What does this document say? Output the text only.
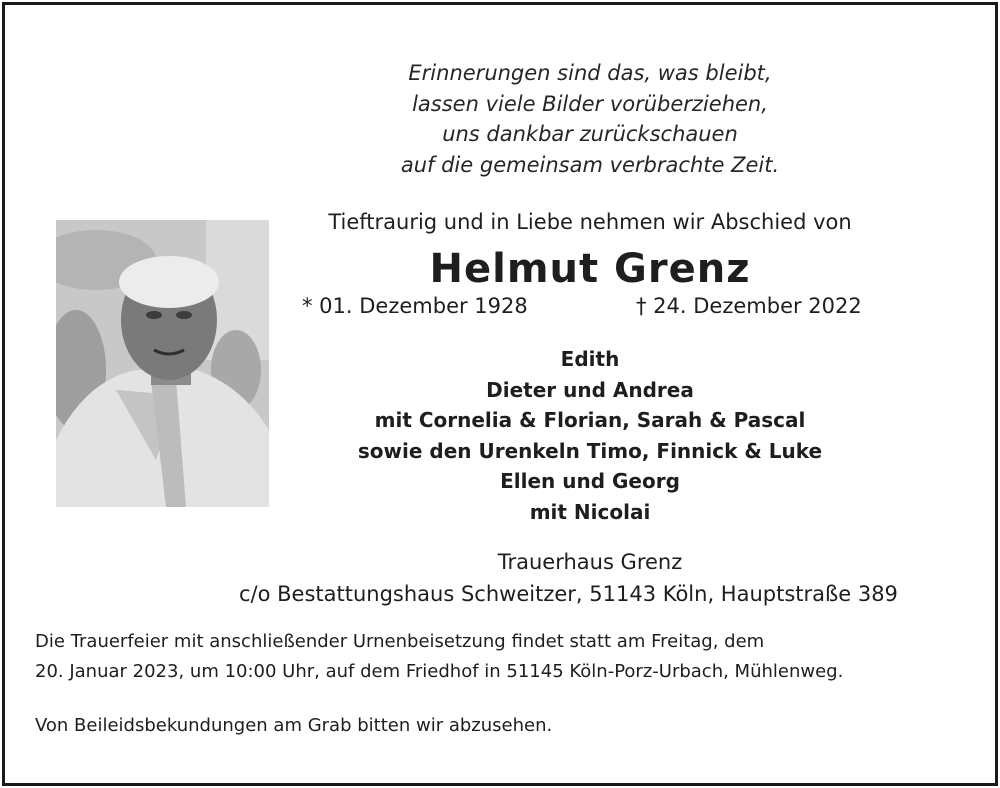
Erinnerungen sind das, was bleibt,
lassen viele Bilder vorüberziehen,
uns dankbar zurückschauen
auf die gemeinsam verbrachte Zeit.
Tieftraurig und in Liebe nehmen wir Abschied von
Helmut Grenz
* 01. Dezember 1928	† 24. Dezember 2022
Edith
Dieter und Andrea
mit Cornelia & Florian, Sarah & Pascal
sowie den Urenkeln Timo, Finnick & Luke
Ellen und Georg
mit Nicolai
Trauerhaus Grenz
c/o Bestattungshaus Schweitzer, 51143 Köln, Hauptstraße 389
Die Trauerfeier mit anschließender Urnenbeisetzung findet statt am Freitag, dem
20. Januar 2023, um 10:00 Uhr, auf dem Friedhof in 51145 Köln-Porz-Urbach, Mühlenweg.
Von Beileidsbekundungen am Grab bitten wir abzusehen.
